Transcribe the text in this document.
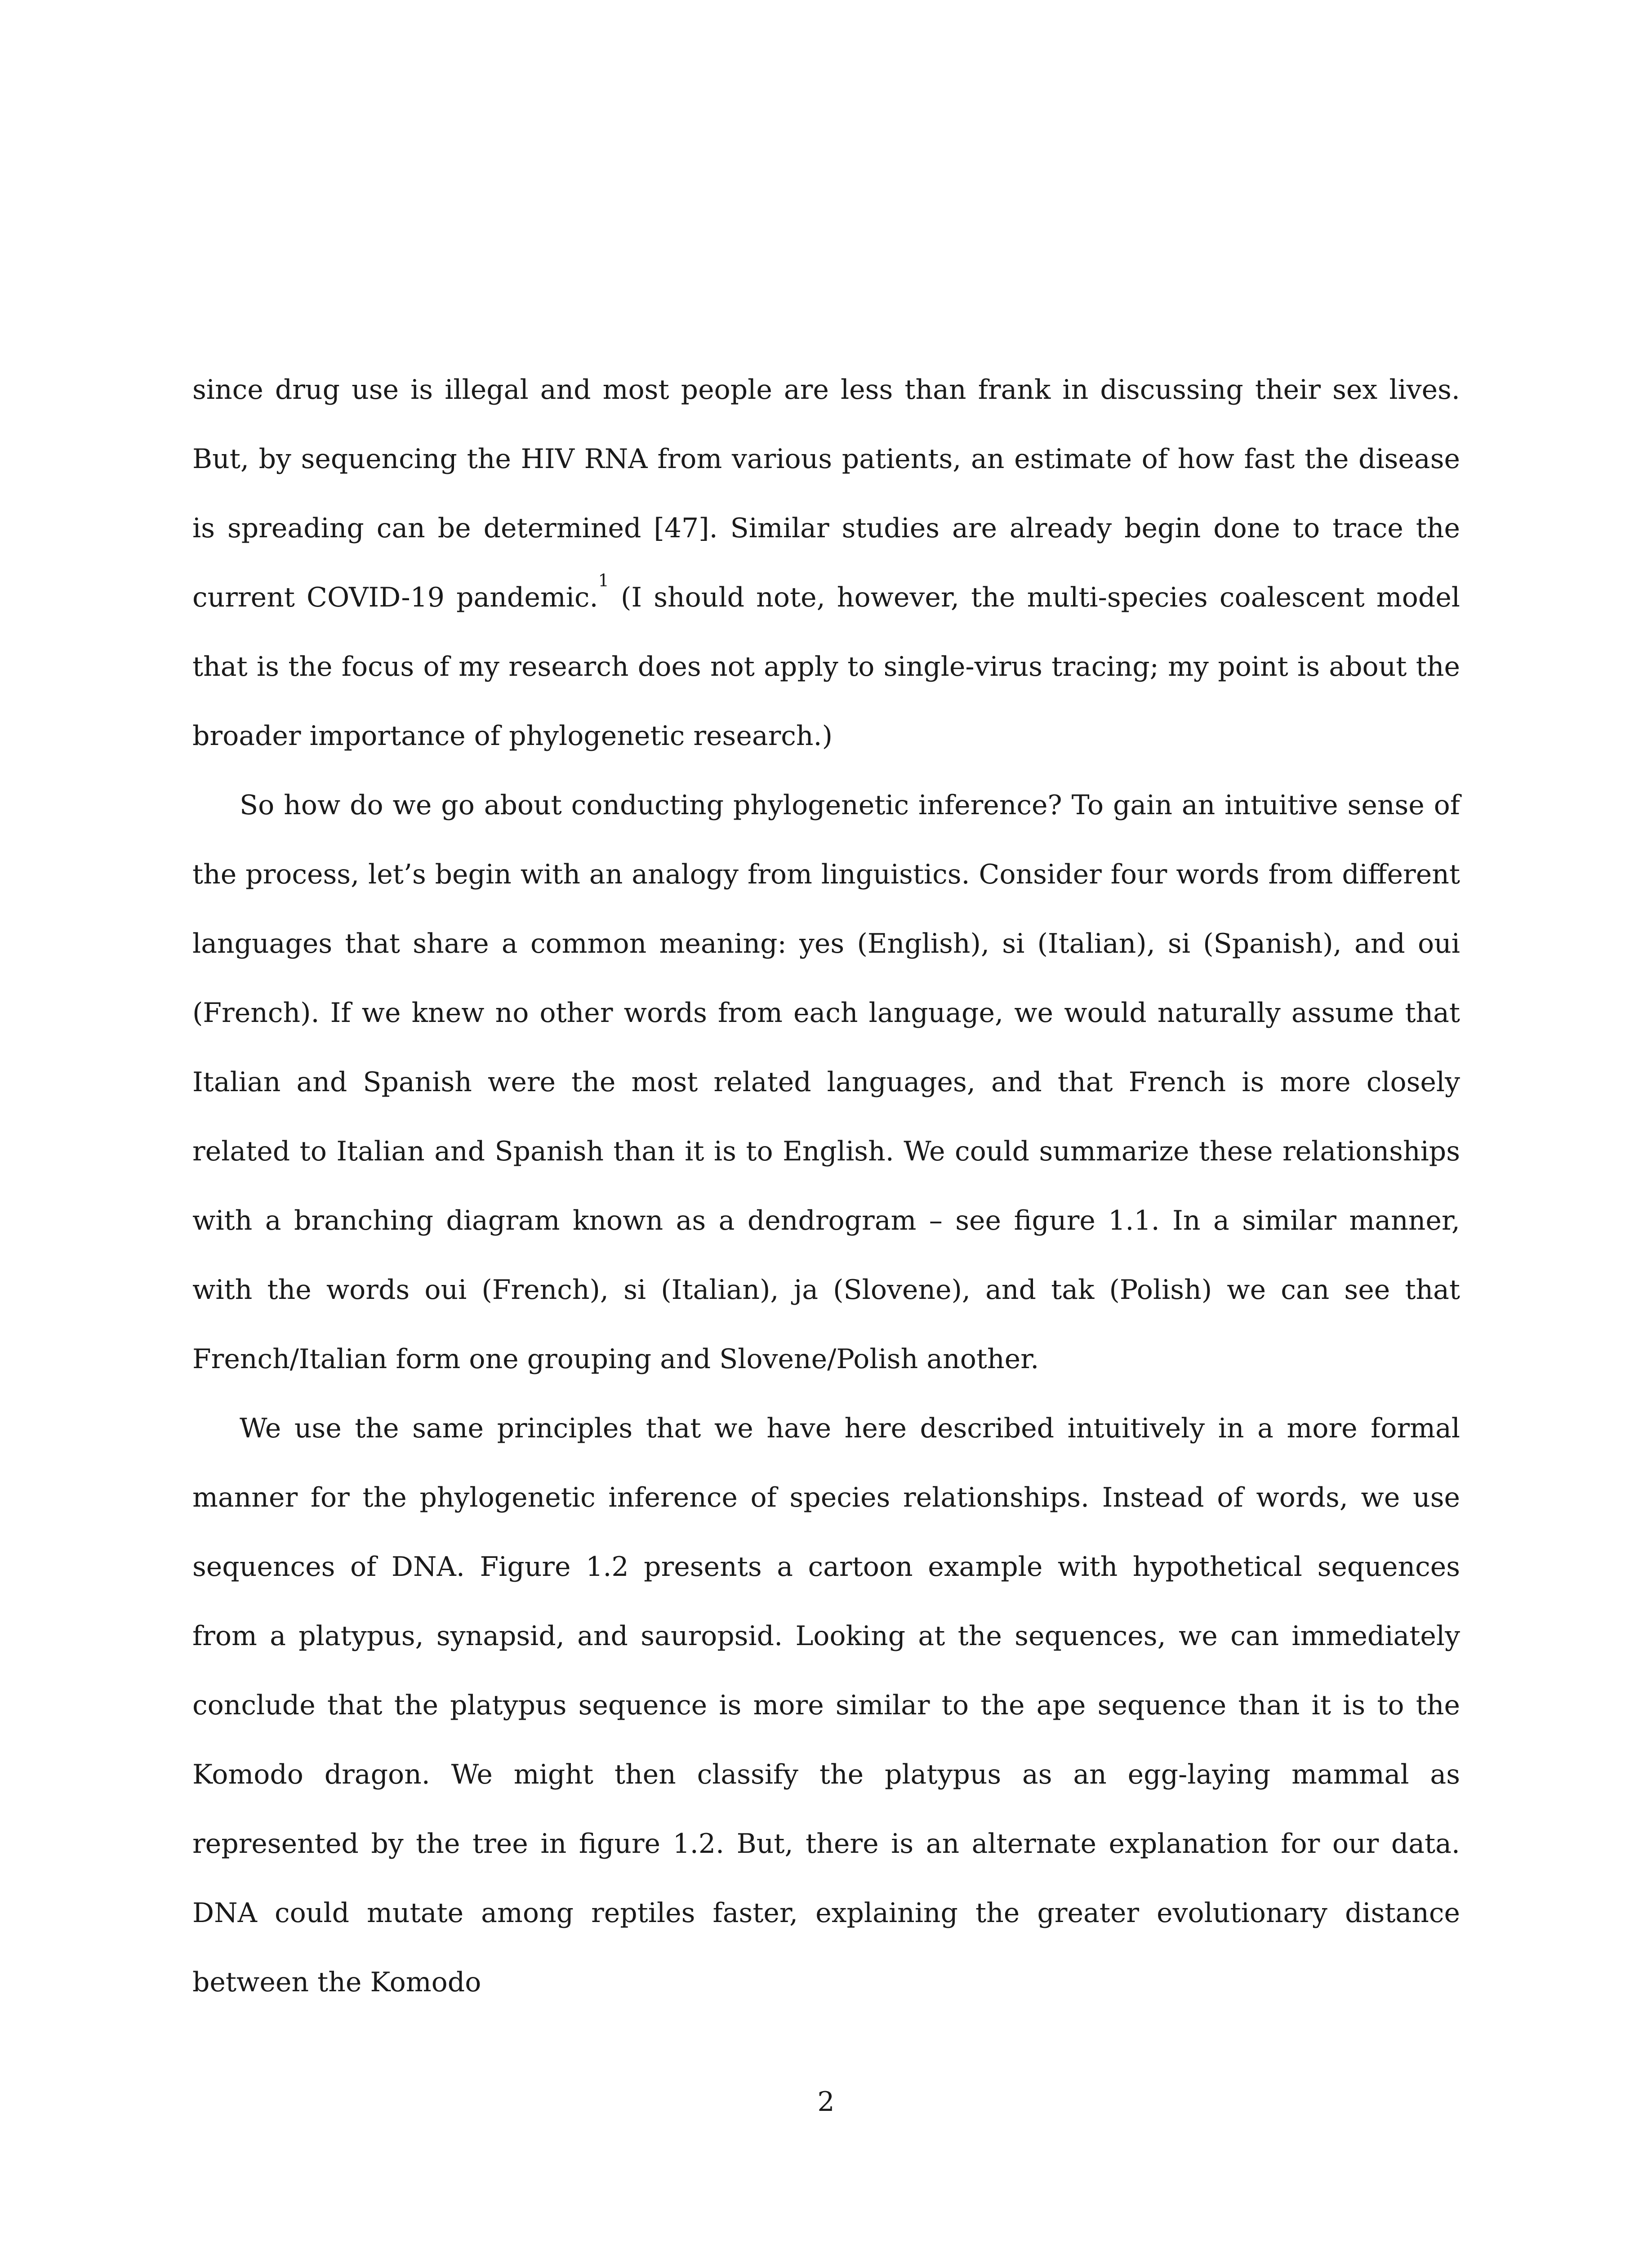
since drug use is illegal and most people are less than frank in discussing their sex lives. But, by sequencing the HIV RNA from various patients, an estimate of how fast the disease is spreading can be determined [47]. Similar studies are already begin done to trace the current COVID-19 pandemic.$^1$ (I should note, however, the multi-species coalescent model that is the focus of my research does not apply to single-virus tracing; my point is about the broader importance of phylogenetic research.)

So how do we go about conducting phylogenetic inference? To gain an intuitive sense of the process, let’s begin with an analogy from linguistics. Consider four words from different languages that share a common meaning: yes (English), si (Italian), si (Spanish), and oui (French). If we knew no other words from each language, we would naturally assume that Italian and Spanish were the most related languages, and that French is more closely related to Italian and Spanish than it is to English. We could summarize these relationships with a branching diagram known as a dendrogram – see figure 1.1. In a similar manner, with the words oui (French), si (Italian), ja (Slovene), and tak (Polish) we can see that French/Italian form one grouping and Slovene/Polish another.

We use the same principles that we have here described intuitively in a more formal manner for the phylogenetic inference of species relationships. Instead of words, we use sequences of DNA. Figure 1.2 presents a cartoon example with hypothetical sequences from a platypus, synapsid, and sauropsid. Looking at the sequences, we can immediately conclude that the platypus sequence is more similar to the ape sequence than it is to the Komodo dragon. We might then classify the platypus as an egg-laying mammal as represented by the tree in figure 1.2. But, there is an alternate explanation for our data. DNA could mutate among reptiles faster, explaining the greater evolutionary distance between the Komodo

2
